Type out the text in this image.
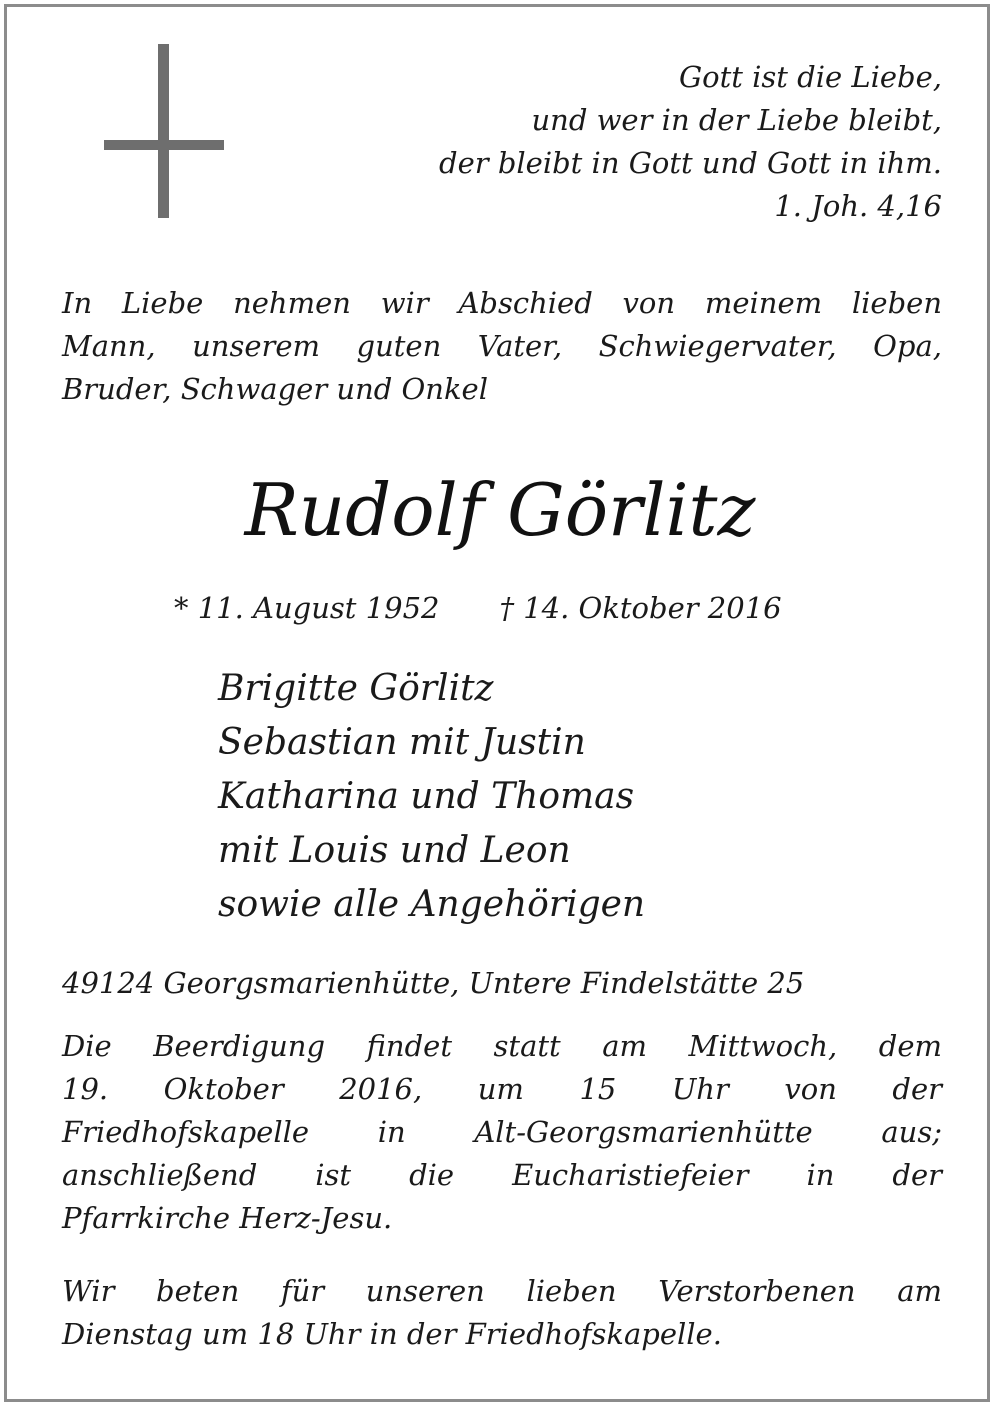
Gott ist die Liebe,
und wer in der Liebe bleibt,
der bleibt in Gott und Gott in ihm.
1. Joh. 4,16
In Liebe nehmen wir Abschied von meinem lieben
Mann, unserem guten Vater, Schwiegervater, Opa,
Bruder, Schwager und Onkel
Rudolf Görlitz
* 11. August 1952 † 14. Oktober 2016
Brigitte Görlitz
Sebastian mit Justin
Katharina und Thomas
mit Louis und Leon
sowie alle Angehörigen
49124 Georgsmarienhütte, Untere Findelstätte 25
Die Beerdigung findet statt am Mittwoch, dem
19. Oktober 2016, um 15 Uhr von der
Friedhofskapelle in Alt-Georgsmarienhütte aus;
anschließend ist die Eucharistiefeier in der
Pfarrkirche Herz-Jesu.
Wir beten für unseren lieben Verstorbenen am
Dienstag um 18 Uhr in der Friedhofskapelle.
